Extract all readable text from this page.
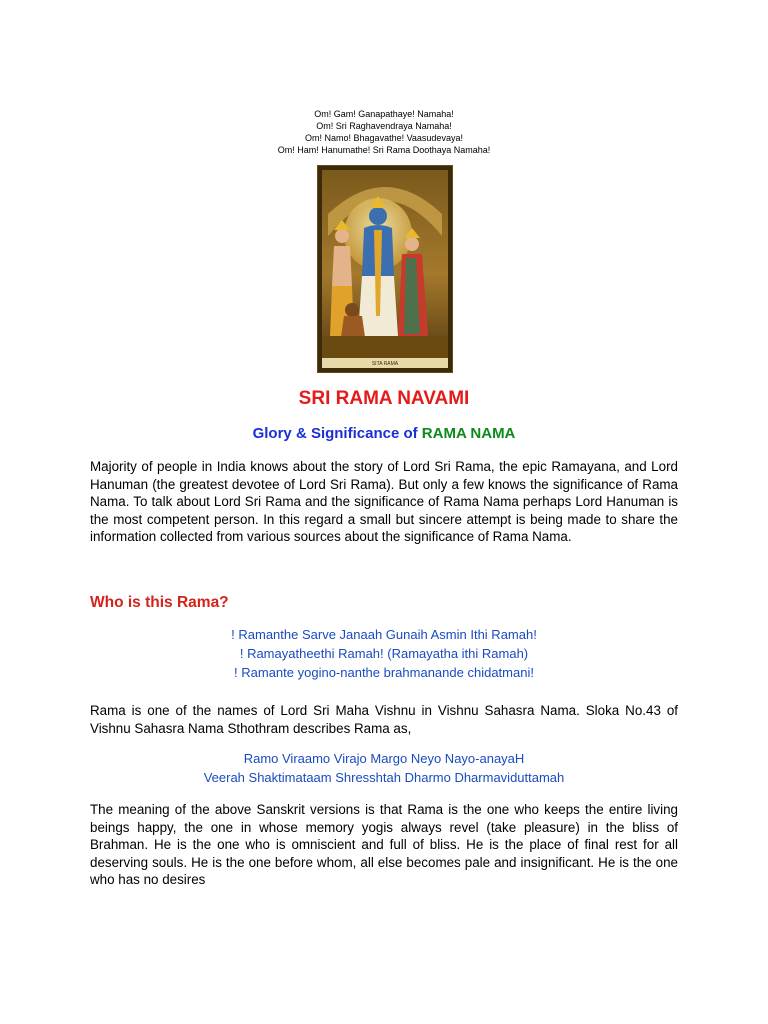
Om! Gam! Ganapathaye! Namaha!
Om! Sri Raghavendraya Namaha!
Om! Namo! Bhagavathe! Vaasudevaya!
Om! Ham! Hanumathe! Sri Rama Doothaya Namaha!
SITA RAMA
SRI RAMA NAVAMI
Glory & Significance of RAMA NAMA
Majority of people in India knows about the story of Lord Sri Rama, the epic Ramayana, and Lord Hanuman (the greatest devotee of Lord Sri Rama). But only a few knows the significance of Rama Nama. To talk about Lord Sri Rama and the significance of Rama Nama perhaps Lord Hanuman is the most competent person. In this regard a small but sincere attempt is being made to share the information collected from various sources about the significance of Rama Nama.
Who is this Rama?
! Ramanthe Sarve Janaah Gunaih Asmin Ithi Ramah!
! Ramayatheethi Ramah! (Ramayatha ithi Ramah)
! Ramante yogino-nanthe brahmanande chidatmani!
Rama is one of the names of Lord Sri Maha Vishnu in Vishnu Sahasra Nama. Sloka No.43 of Vishnu Sahasra Nama Sthothram describes Rama as,
Ramo Viraamo Virajo Margo Neyo Nayo-anayaH
Veerah Shaktimataam Shresshtah Dharmo Dharmaviduttamah
The meaning of the above Sanskrit versions is that Rama is the one who keeps the entire living beings happy, the one in whose memory yogis always revel (take pleasure) in the bliss of Brahman. He is the one who is omniscient and full of bliss. He is the place of final rest for all deserving souls. He is the one before whom, all else becomes pale and insignificant. He is the one who has no desires
